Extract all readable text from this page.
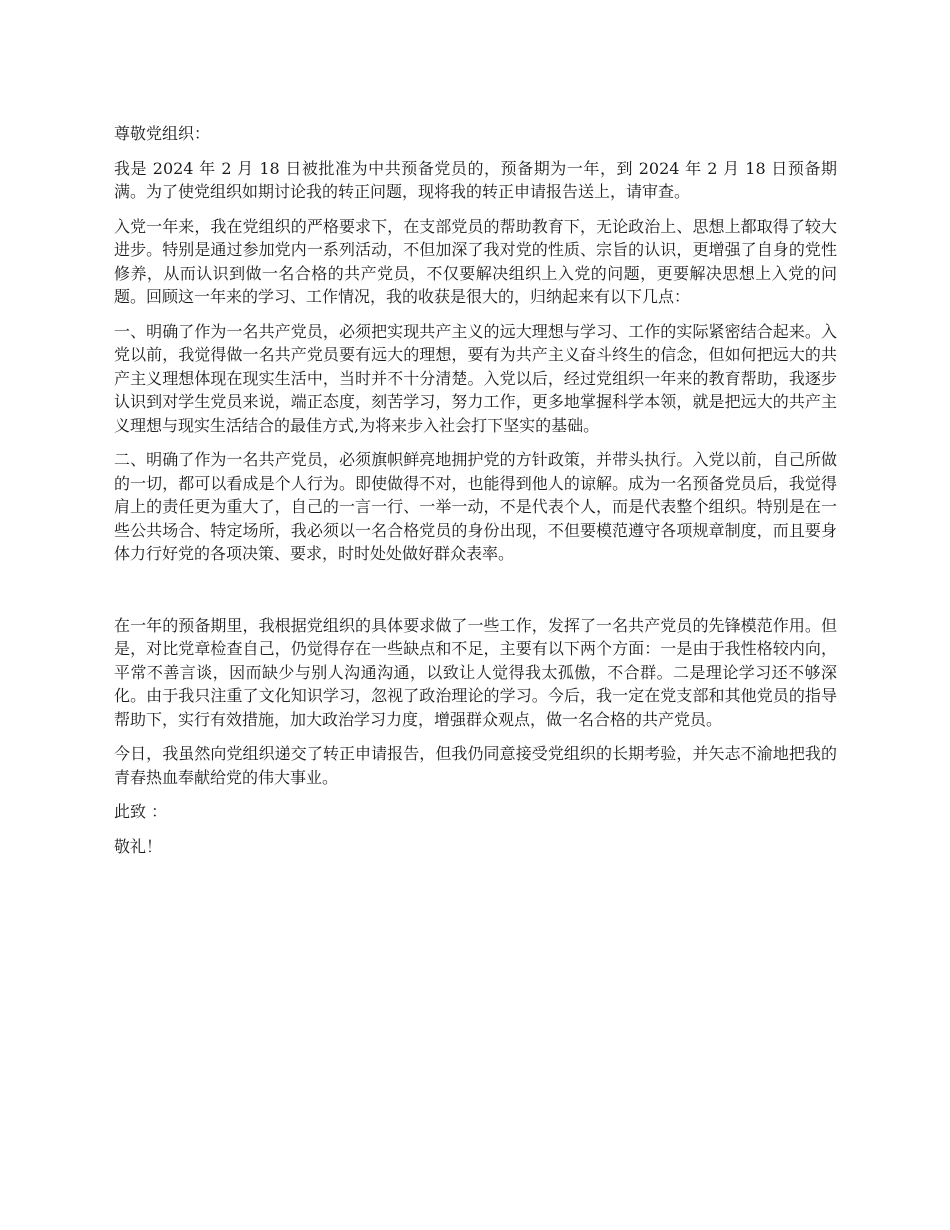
尊敬党组织：

我是 2024 年 2 月 18 日被批准为中共预备党员的，预备期为一年，到 2024 年 2 月 18 日预备期满。为了使党组织如期讨论我的转正问题，现将我的转正申请报告送上，请审查。

入党一年来，我在党组织的严格要求下，在支部党员的帮助教育下，无论政治上、思想上都取得了较大进步。特别是通过参加党内一系列活动，不但加深了我对党的性质、宗旨的认识，更增强了自身的党性修养，从而认识到做一名合格的共产党员，不仅要解决组织上入党的问题，更要解决思想上入党的问题。回顾这一年来的学习、工作情况，我的收获是很大的，归纳起来有以下几点：

一、明确了作为一名共产党员，必须把实现共产主义的远大理想与学习、工作的实际紧密结合起来。入党以前，我觉得做一名共产党员要有远大的理想，要有为共产主义奋斗终生的信念，但如何把远大的共产主义理想体现在现实生活中，当时并不十分清楚。入党以后，经过党组织一年来的教育帮助，我逐步认识到对学生党员来说，端正态度，刻苦学习，努力工作，更多地掌握科学本领，就是把远大的共产主义理想与现实生活结合的最佳方式,为将来步入社会打下坚实的基础。

二、明确了作为一名共产党员，必须旗帜鲜亮地拥护党的方针政策，并带头执行。入党以前，自己所做的一切，都可以看成是个人行为。即使做得不对，也能得到他人的谅解。成为一名预备党员后，我觉得肩上的责任更为重大了，自己的一言一行、一举一动，不是代表个人，而是代表整个组织。特别是在一些公共场合、特定场所，我必须以一名合格党员的身份出现，不但要模范遵守各项规章制度，而且要身体力行好党的各项决策、要求，时时处处做好群众表率。

在一年的预备期里，我根据党组织的具体要求做了一些工作，发挥了一名共产党员的先锋模范作用。但是，对比党章检查自己，仍觉得存在一些缺点和不足，主要有以下两个方面：一是由于我性格较内向，平常不善言谈，因而缺少与别人沟通沟通，以致让人觉得我太孤傲，不合群。二是理论学习还不够深化。由于我只注重了文化知识学习，忽视了政治理论的学习。今后，我一定在党支部和其他党员的指导帮助下，实行有效措施，加大政治学习力度，增强群众观点，做一名合格的共产党员。

今日，我虽然向党组织递交了转正申请报告，但我仍同意接受党组织的长期考验，并矢志不渝地把我的青春热血奉献给党的伟大事业。

此致 ：

敬礼！
